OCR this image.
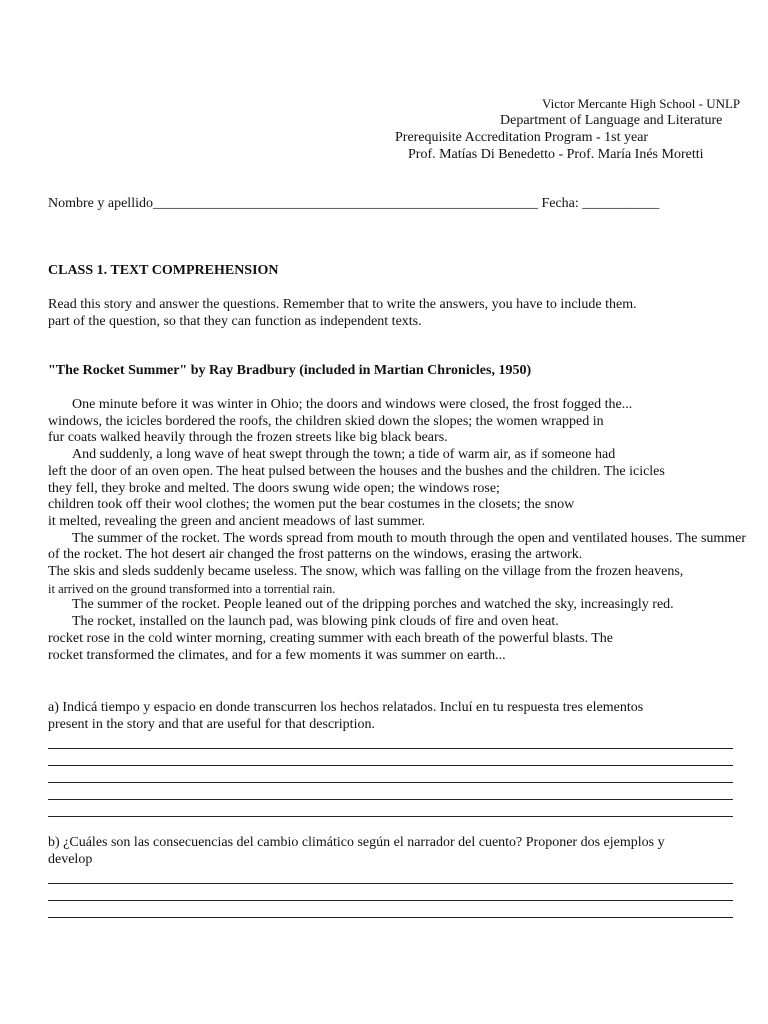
Victor Mercante High School - UNLP
Department of Language and Literature
Prerequisite Accreditation Program - 1st year
Prof. Matías Di Benedetto - Prof. María Inés Moretti
Nombre y apellido_______________________________________________________ Fecha: ___________
CLASS 1. TEXT COMPREHENSION
Read this story and answer the questions. Remember that to write the answers, you have to include them.
part of the question, so that they can function as independent texts.
"The Rocket Summer" by Ray Bradbury (included in Martian Chronicles, 1950)
One minute before it was winter in Ohio; the doors and windows were closed, the frost fogged the...
windows, the icicles bordered the roofs, the children skied down the slopes; the women wrapped in
fur coats walked heavily through the frozen streets like big black bears.
And suddenly, a long wave of heat swept through the town; a tide of warm air, as if someone had
left the door of an oven open. The heat pulsed between the houses and the bushes and the children. The icicles
they fell, they broke and melted. The doors swung wide open; the windows rose;
children took off their wool clothes; the women put the bear costumes in the closets; the snow
it melted, revealing the green and ancient meadows of last summer.
The summer of the rocket. The words spread from mouth to mouth through the open and ventilated houses. The summer
of the rocket. The hot desert air changed the frost patterns on the windows, erasing the artwork.
The skis and sleds suddenly became useless. The snow, which was falling on the village from the frozen heavens,
it arrived on the ground transformed into a torrential rain.
The summer of the rocket. People leaned out of the dripping porches and watched the sky, increasingly red.
The rocket, installed on the launch pad, was blowing pink clouds of fire and oven heat.
rocket rose in the cold winter morning, creating summer with each breath of the powerful blasts. The
rocket transformed the climates, and for a few moments it was summer on earth...
a) Indicá tiempo y espacio en donde transcurren los hechos relatados. Incluí en tu respuesta tres elementos
present in the story and that are useful for that description.
b) ¿Cuáles son las consecuencias del cambio climático según el narrador del cuento? Proponer dos ejemplos y
develop
